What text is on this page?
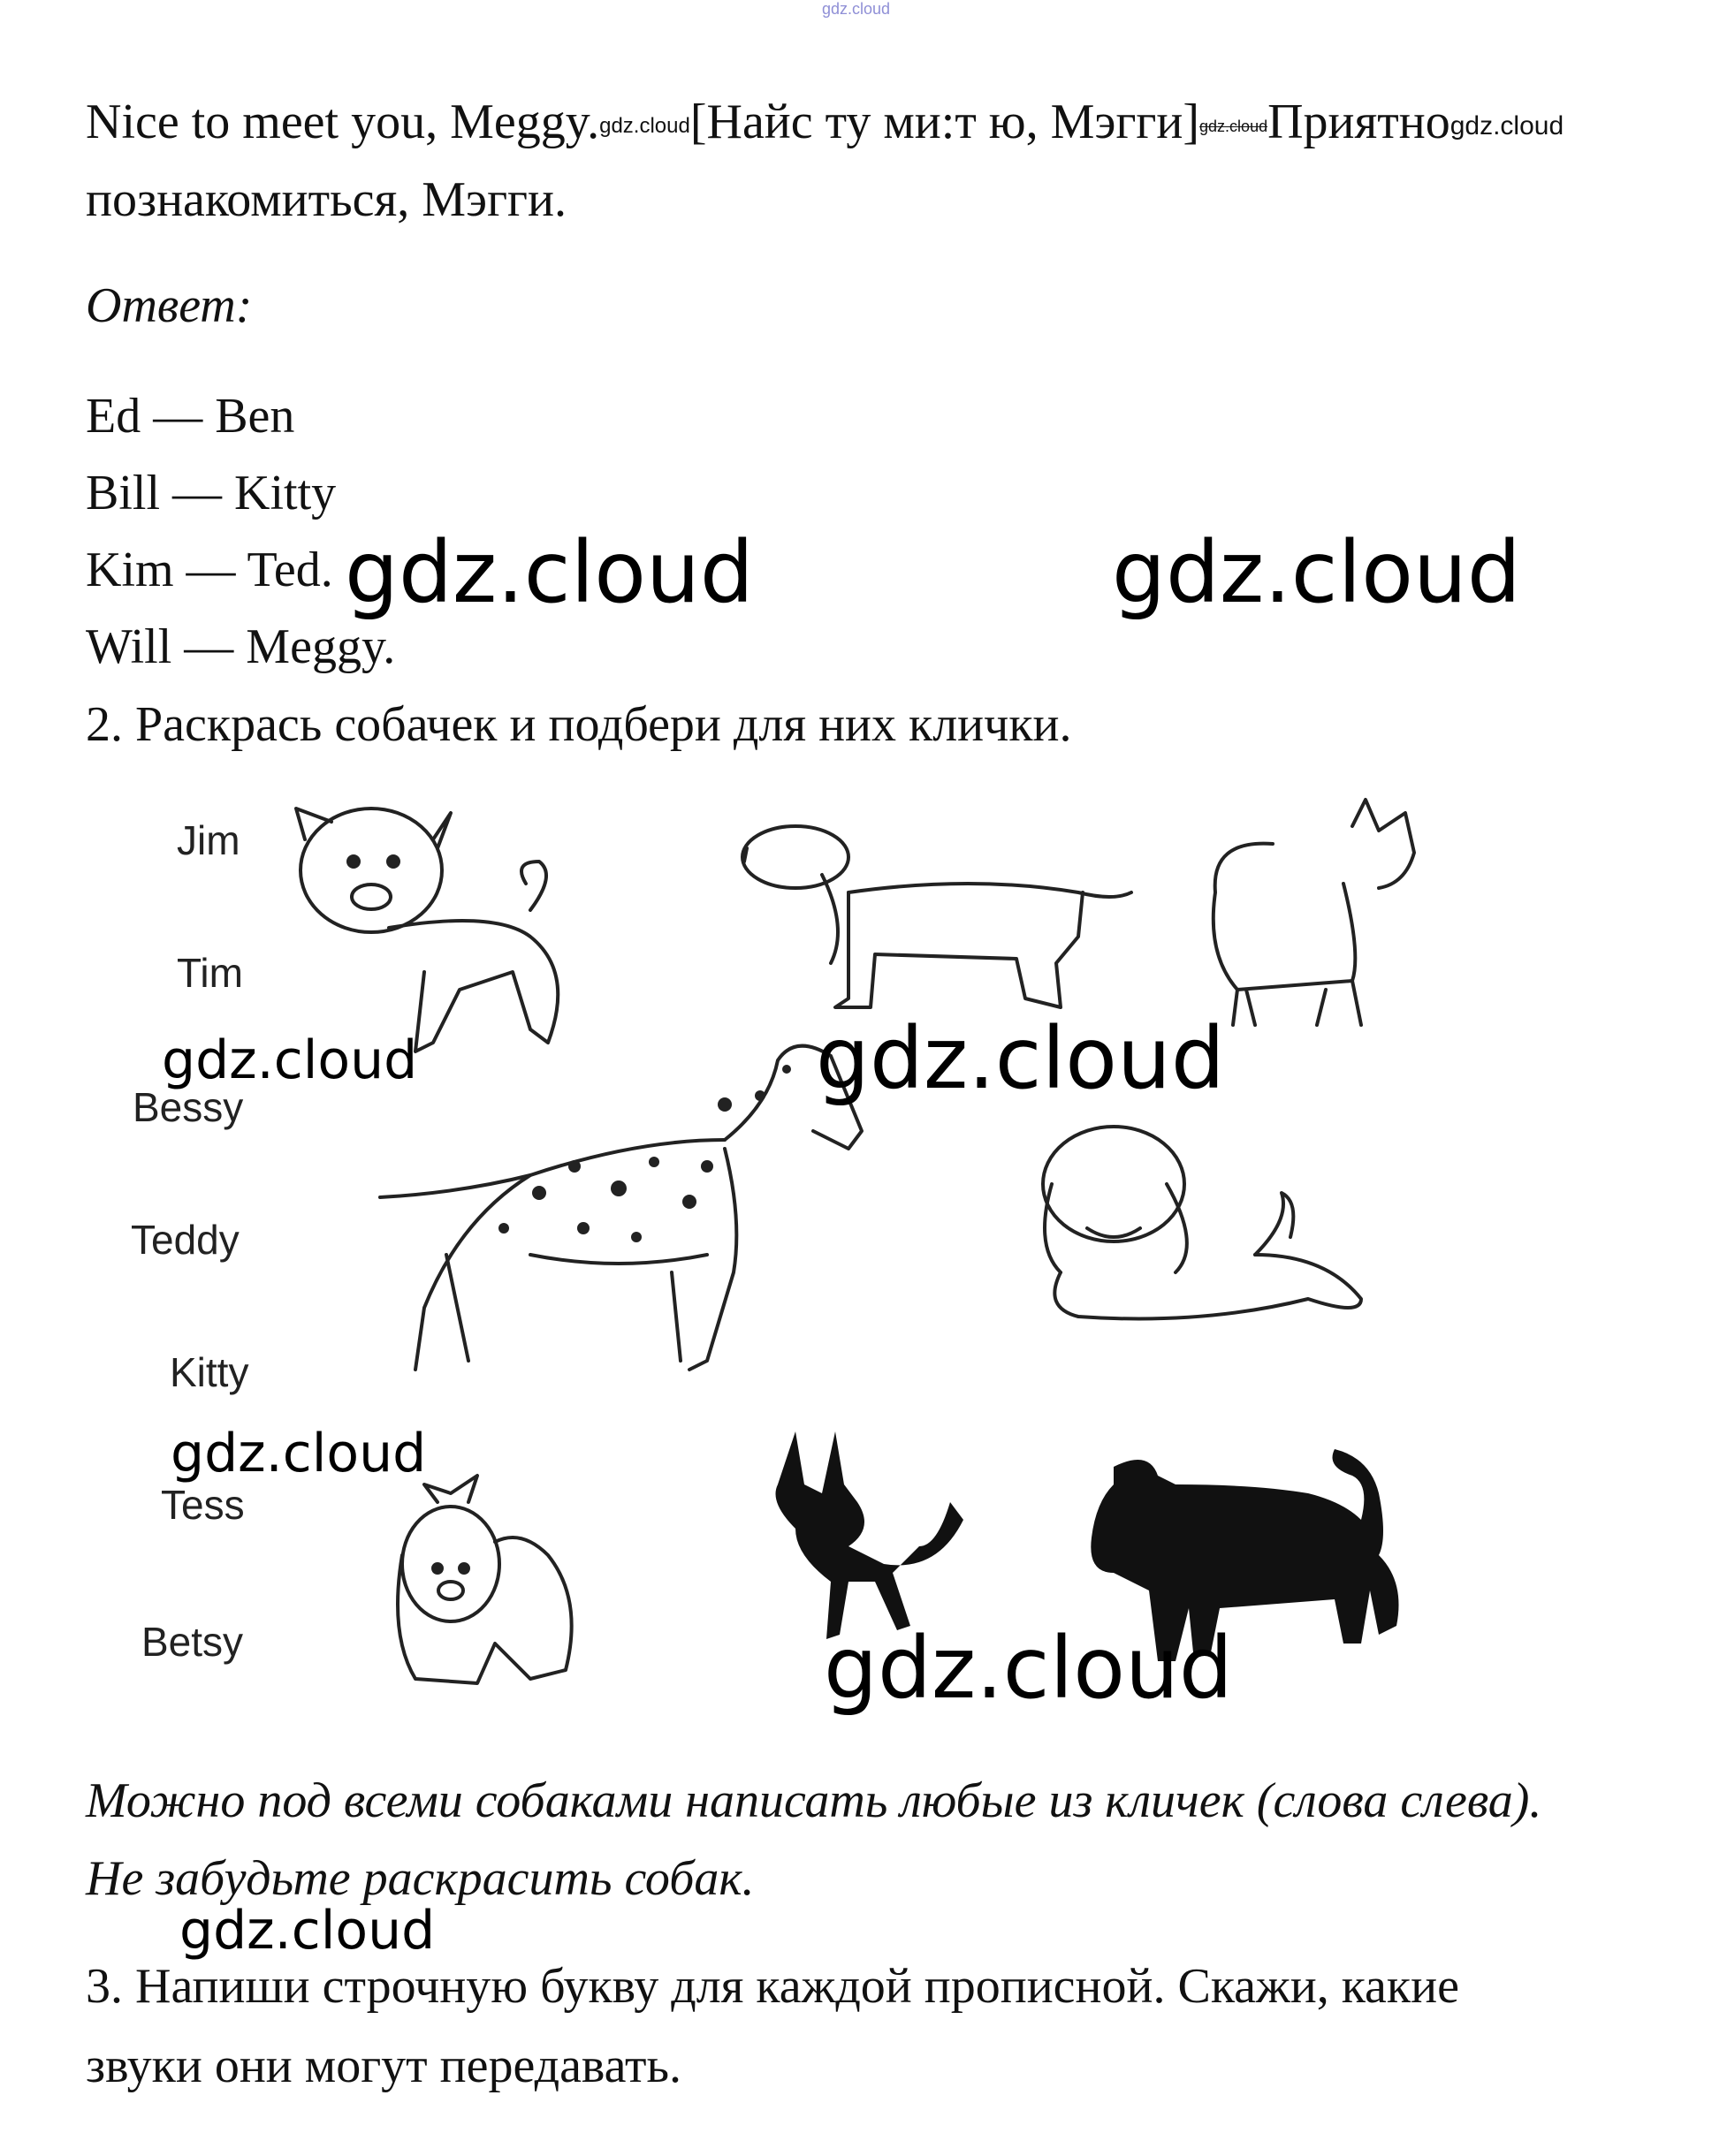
gdz.cloud
Nice to meet you, Meggy.gdz.cloud[Найс ту ми:т ю, Мэгги]gdz.cloudПриятноgdz.cloud
познакомиться, Мэгги.
Ответ:
Ed — Ben
Bill — Kitty
Kim — Ted.
Will — Meggy.
2. Раскрась собачек и подбери для них клички.
Jim
Tim
Bessy
Teddy
Kitty
Tess
Betsy
gdz.cloud	gdz.cloud
gdz.cloud	gdz.cloud
gdz.cloud
gdz.cloud
Можно под всеми собаками написать любые из кличек (слова слева).
Не забудьте раскрасить собак.
gdz.cloud
3. Напиши строчную букву для каждой прописной. Скажи, какие
звуки они могут передавать.
